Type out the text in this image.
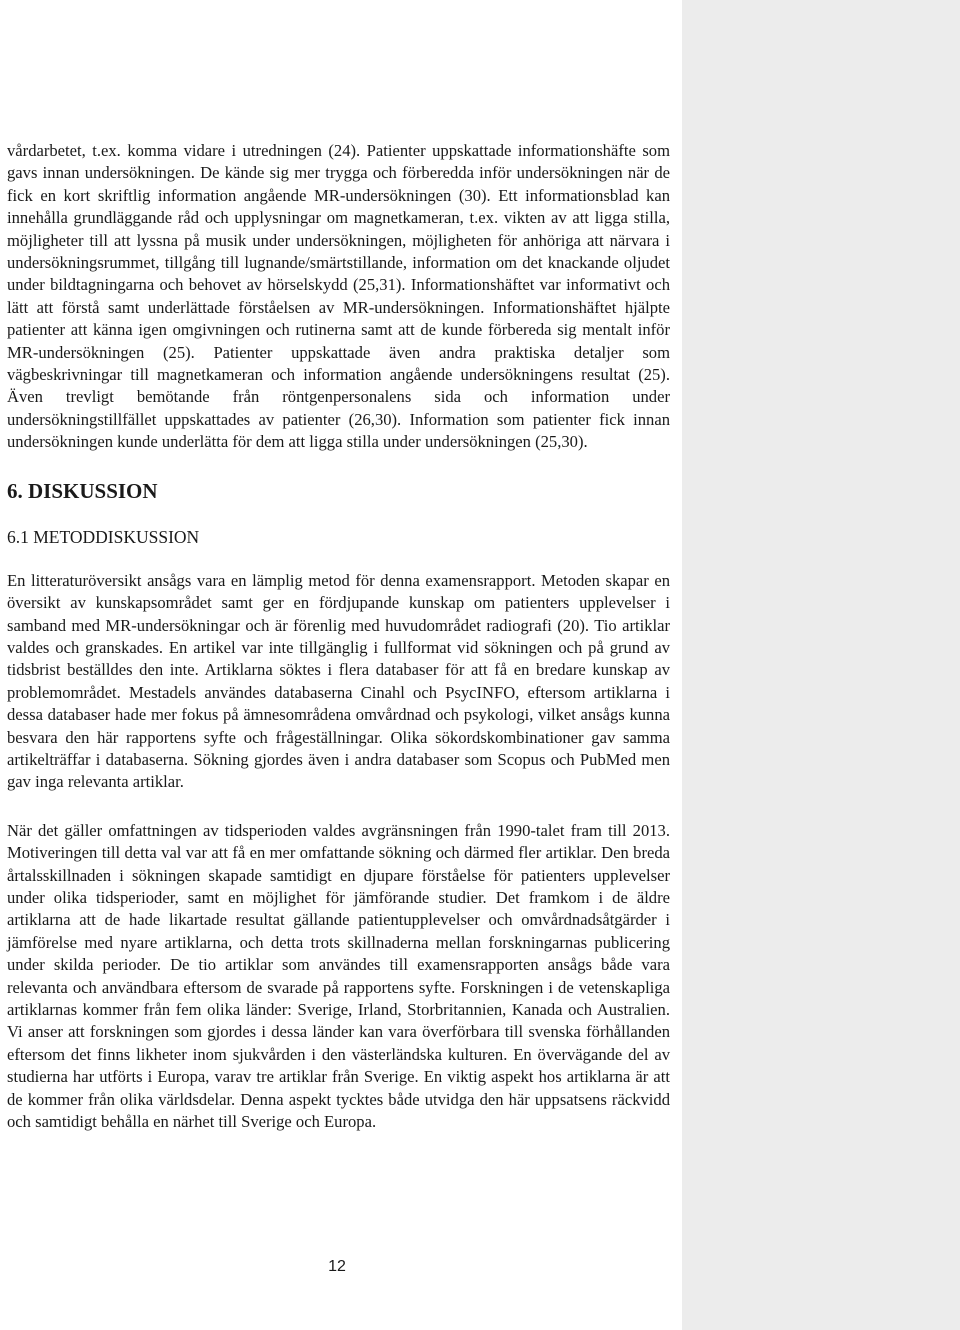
vårdarbetet, t.ex. komma vidare i utredningen (24). Patienter uppskattade informationshäfte som gavs innan undersökningen. De kände sig mer trygga och förberedda inför undersökningen när de fick en kort skriftlig information angående MR-undersökningen (30). Ett informationsblad kan innehålla grundläggande råd och upplysningar om magnetkameran, t.ex. vikten av att ligga stilla, möjligheter till att lyssna på musik under undersökningen, möjligheten för anhöriga att närvara i undersökningsrummet, tillgång till lugnande/smärtstillande, information om det knackande oljudet under bildtagningarna och behovet av hörselskydd (25,31). Informationshäftet var informativt och lätt att förstå samt underlättade förståelsen av MR-undersökningen. Informationshäftet hjälpte patienter att känna igen omgivningen och rutinerna samt att de kunde förbereda sig mentalt inför MR-undersökningen (25). Patienter uppskattade även andra praktiska detaljer som vägbeskrivningar till magnetkameran och information angående undersökningens resultat (25). Även trevligt bemötande från röntgenpersonalens sida och information under undersökningstillfället uppskattades av patienter (26,30). Information som patienter fick innan undersökningen kunde underlätta för dem att ligga stilla under undersökningen (25,30).

6. DISKUSSION
6.1 METODDISKUSSION

En litteraturöversikt ansågs vara en lämplig metod för denna examensrapport. Metoden skapar en översikt av kunskapsområdet samt ger en fördjupande kunskap om patienters upplevelser i samband med MR-undersökningar och är förenlig med huvudområdet radiografi (20). Tio artiklar valdes och granskades. En artikel var inte tillgänglig i fullformat vid sökningen och på grund av tidsbrist beställdes den inte. Artiklarna söktes i flera databaser för att få en bredare kunskap av problemområdet. Mestadels användes databaserna Cinahl och PsycINFO, eftersom artiklarna i dessa databaser hade mer fokus på ämnesområdena omvårdnad och psykologi, vilket ansågs kunna besvara den här rapportens syfte och frågeställningar. Olika sökordskombinationer gav samma artikelträffar i databaserna. Sökning gjordes även i andra databaser som Scopus och PubMed men gav inga relevanta artiklar.

När det gäller omfattningen av tidsperioden valdes avgränsningen från 1990-talet fram till 2013. Motiveringen till detta val var att få en mer omfattande sökning och därmed fler artiklar. Den breda årtalsskillnaden i sökningen skapade samtidigt en djupare förståelse för patienters upplevelser under olika tidsperioder, samt en möjlighet för jämförande studier. Det framkom i de äldre artiklarna att de hade likartade resultat gällande patientupplevelser och omvårdnadsåtgärder i jämförelse med nyare artiklarna, och detta trots skillnaderna mellan forskningarnas publicering under skilda perioder. De tio artiklar som användes till examensrapporten ansågs både vara relevanta och användbara eftersom de svarade på rapportens syfte. Forskningen i de vetenskapliga artiklarnas kommer från fem olika länder: Sverige, Irland, Storbritannien, Kanada och Australien. Vi anser att forskningen som gjordes i dessa länder kan vara överförbara till svenska förhållanden eftersom det finns likheter inom sjukvården i den västerländska kulturen. En övervägande del av studierna har utförts i Europa, varav tre artiklar från Sverige. En viktig aspekt hos artiklarna är att de kommer från olika världsdelar. Denna aspekt tycktes både utvidga den här uppsatsens räckvidd och samtidigt behålla en närhet till Sverige och Europa.

12
